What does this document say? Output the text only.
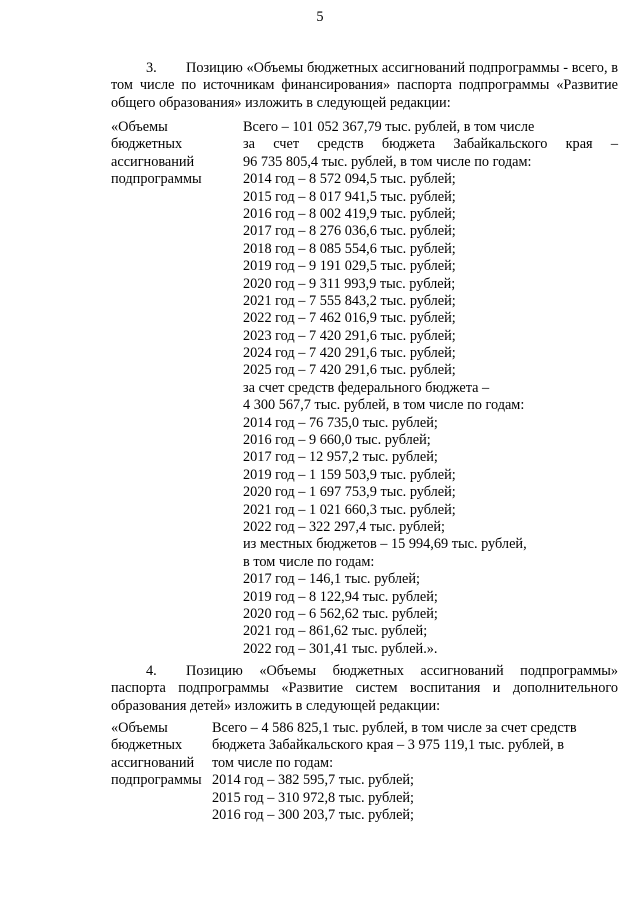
5
3. Позицию «Объемы бюджетных ассигнований подпрограммы - всего, в том числе по источникам финансирования» паспорта подпрограммы «Развитие общего образования» изложить в следующей редакции:
«Объемы
бюджетных
ассигнований
подпрограммы
Всего – 101 052 367,79 тыс. рублей, в том числе
за счет средств бюджета Забайкальского края –
96 735 805,4 тыс. рублей, в том числе по годам:
2014 год – 8 572 094,5 тыс. рублей;
2015 год – 8 017 941,5 тыс. рублей;
2016 год – 8 002 419,9 тыс. рублей;
2017 год – 8 276 036,6 тыс. рублей;
2018 год – 8 085 554,6 тыс. рублей;
2019 год – 9 191 029,5 тыс. рублей;
2020 год – 9 311 993,9 тыс. рублей;
2021 год – 7 555 843,2 тыс. рублей;
2022 год – 7 462 016,9 тыс. рублей;
2023 год – 7 420 291,6 тыс. рублей;
2024 год – 7 420 291,6 тыс. рублей;
2025 год – 7 420 291,6 тыс. рублей;
за счет средств федерального бюджета –
4 300 567,7 тыс. рублей, в том числе по годам:
2014 год – 76 735,0 тыс. рублей;
2016 год – 9 660,0 тыс. рублей;
2017 год – 12 957,2 тыс. рублей;
2019 год – 1 159 503,9 тыс. рублей;
2020 год – 1 697 753,9 тыс. рублей;
2021 год – 1 021 660,3 тыс. рублей;
2022 год – 322 297,4 тыс. рублей;
из местных бюджетов – 15 994,69 тыс. рублей,
в том числе по годам:
2017 год – 146,1 тыс. рублей;
2019 год – 8 122,94 тыс. рублей;
2020 год – 6 562,62 тыс. рублей;
2021 год – 861,62 тыс. рублей;
2022 год – 301,41 тыс. рублей.».
4. Позицию «Объемы бюджетных ассигнований подпрограммы» паспорта подпрограммы «Развитие систем воспитания и дополнительного образования детей» изложить в следующей редакции:
«Объемы
бюджетных
ассигнований
подпрограммы
Всего – 4 586 825,1 тыс. рублей, в том числе за счет средств
бюджета Забайкальского края – 3 975 119,1 тыс. рублей, в
том числе по годам:
2014 год – 382 595,7 тыс. рублей;
2015 год – 310 972,8 тыс. рублей;
2016 год – 300 203,7 тыс. рублей;
